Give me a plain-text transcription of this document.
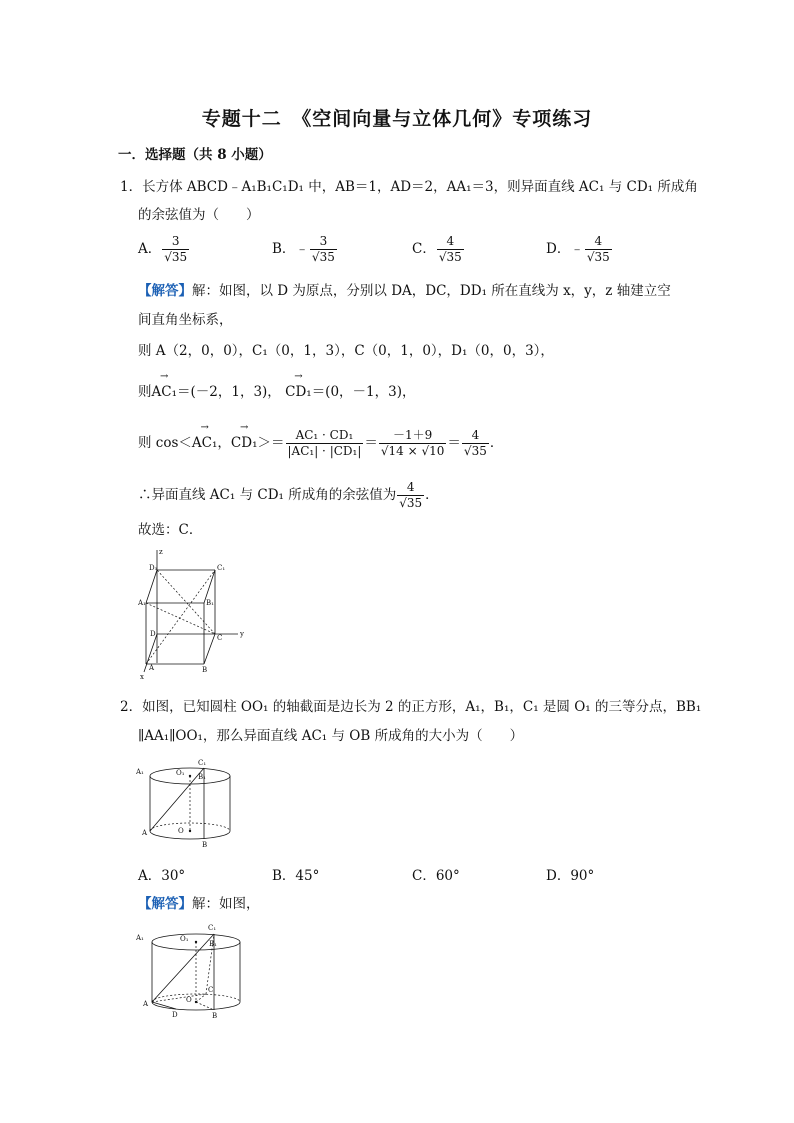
专题十二　《空间向量与立体几何》专项练习
一．选择题（共 8 小题）
1．长方体 ABCD﹣A₁B₁C₁D₁ 中，AB＝1，AD＝2，AA₁＝3，则异面直线 AC₁ 与 CD₁ 所成角
的余弦值为（　　）
A． $\frac{3}{√35}$	B．﹣ $\frac{3}{√35}$	C． $\frac{4}{√35}$	D．﹣ $\frac{4}{√35}$
【解答】解：如图，以 D 为原点，分别以 DA，DC，DD₁ 所在直线为 x，y，z 轴建立空
间直角坐标系，
则 A（2，0，0），C₁（0，1，3），C（0，1，0），D₁（0，0，3），
则→ AC₁＝(－2，1，3)， → CD₁＝(0，－1，3)，
则 cos＜→ AC₁，→ $CD_1>= \frac{\text{AC₁ · CD₁}}{\text{|AC₁| · |CD₁|}} = \frac{-1+9}{√14 \times √10} = \frac{4}{√35}$ ．
∴异面直线 AC₁ 与 CD₁ 所成角的余弦值为 $\frac{4}{√35}$ ．
故选：C．
z
D₁	C₁
A₁	B₁
D	C	y
A	B
x
2．如图，已知圆柱 OO₁ 的轴截面是边长为 2 的正方形，A₁，B₁，C₁ 是圆 O₁ 的三等分点，BB₁
∥AA₁∥OO₁，那么异面直线 AC₁ 与 OB 所成角的大小为（　　）
A₁	O₁
C₁
B₁
A	O
B
A．30°	B．45°	C．60°	D．90°
【解答】解：如图，
A₁	O₁
C₁
B₁
C
O
A
D	B
